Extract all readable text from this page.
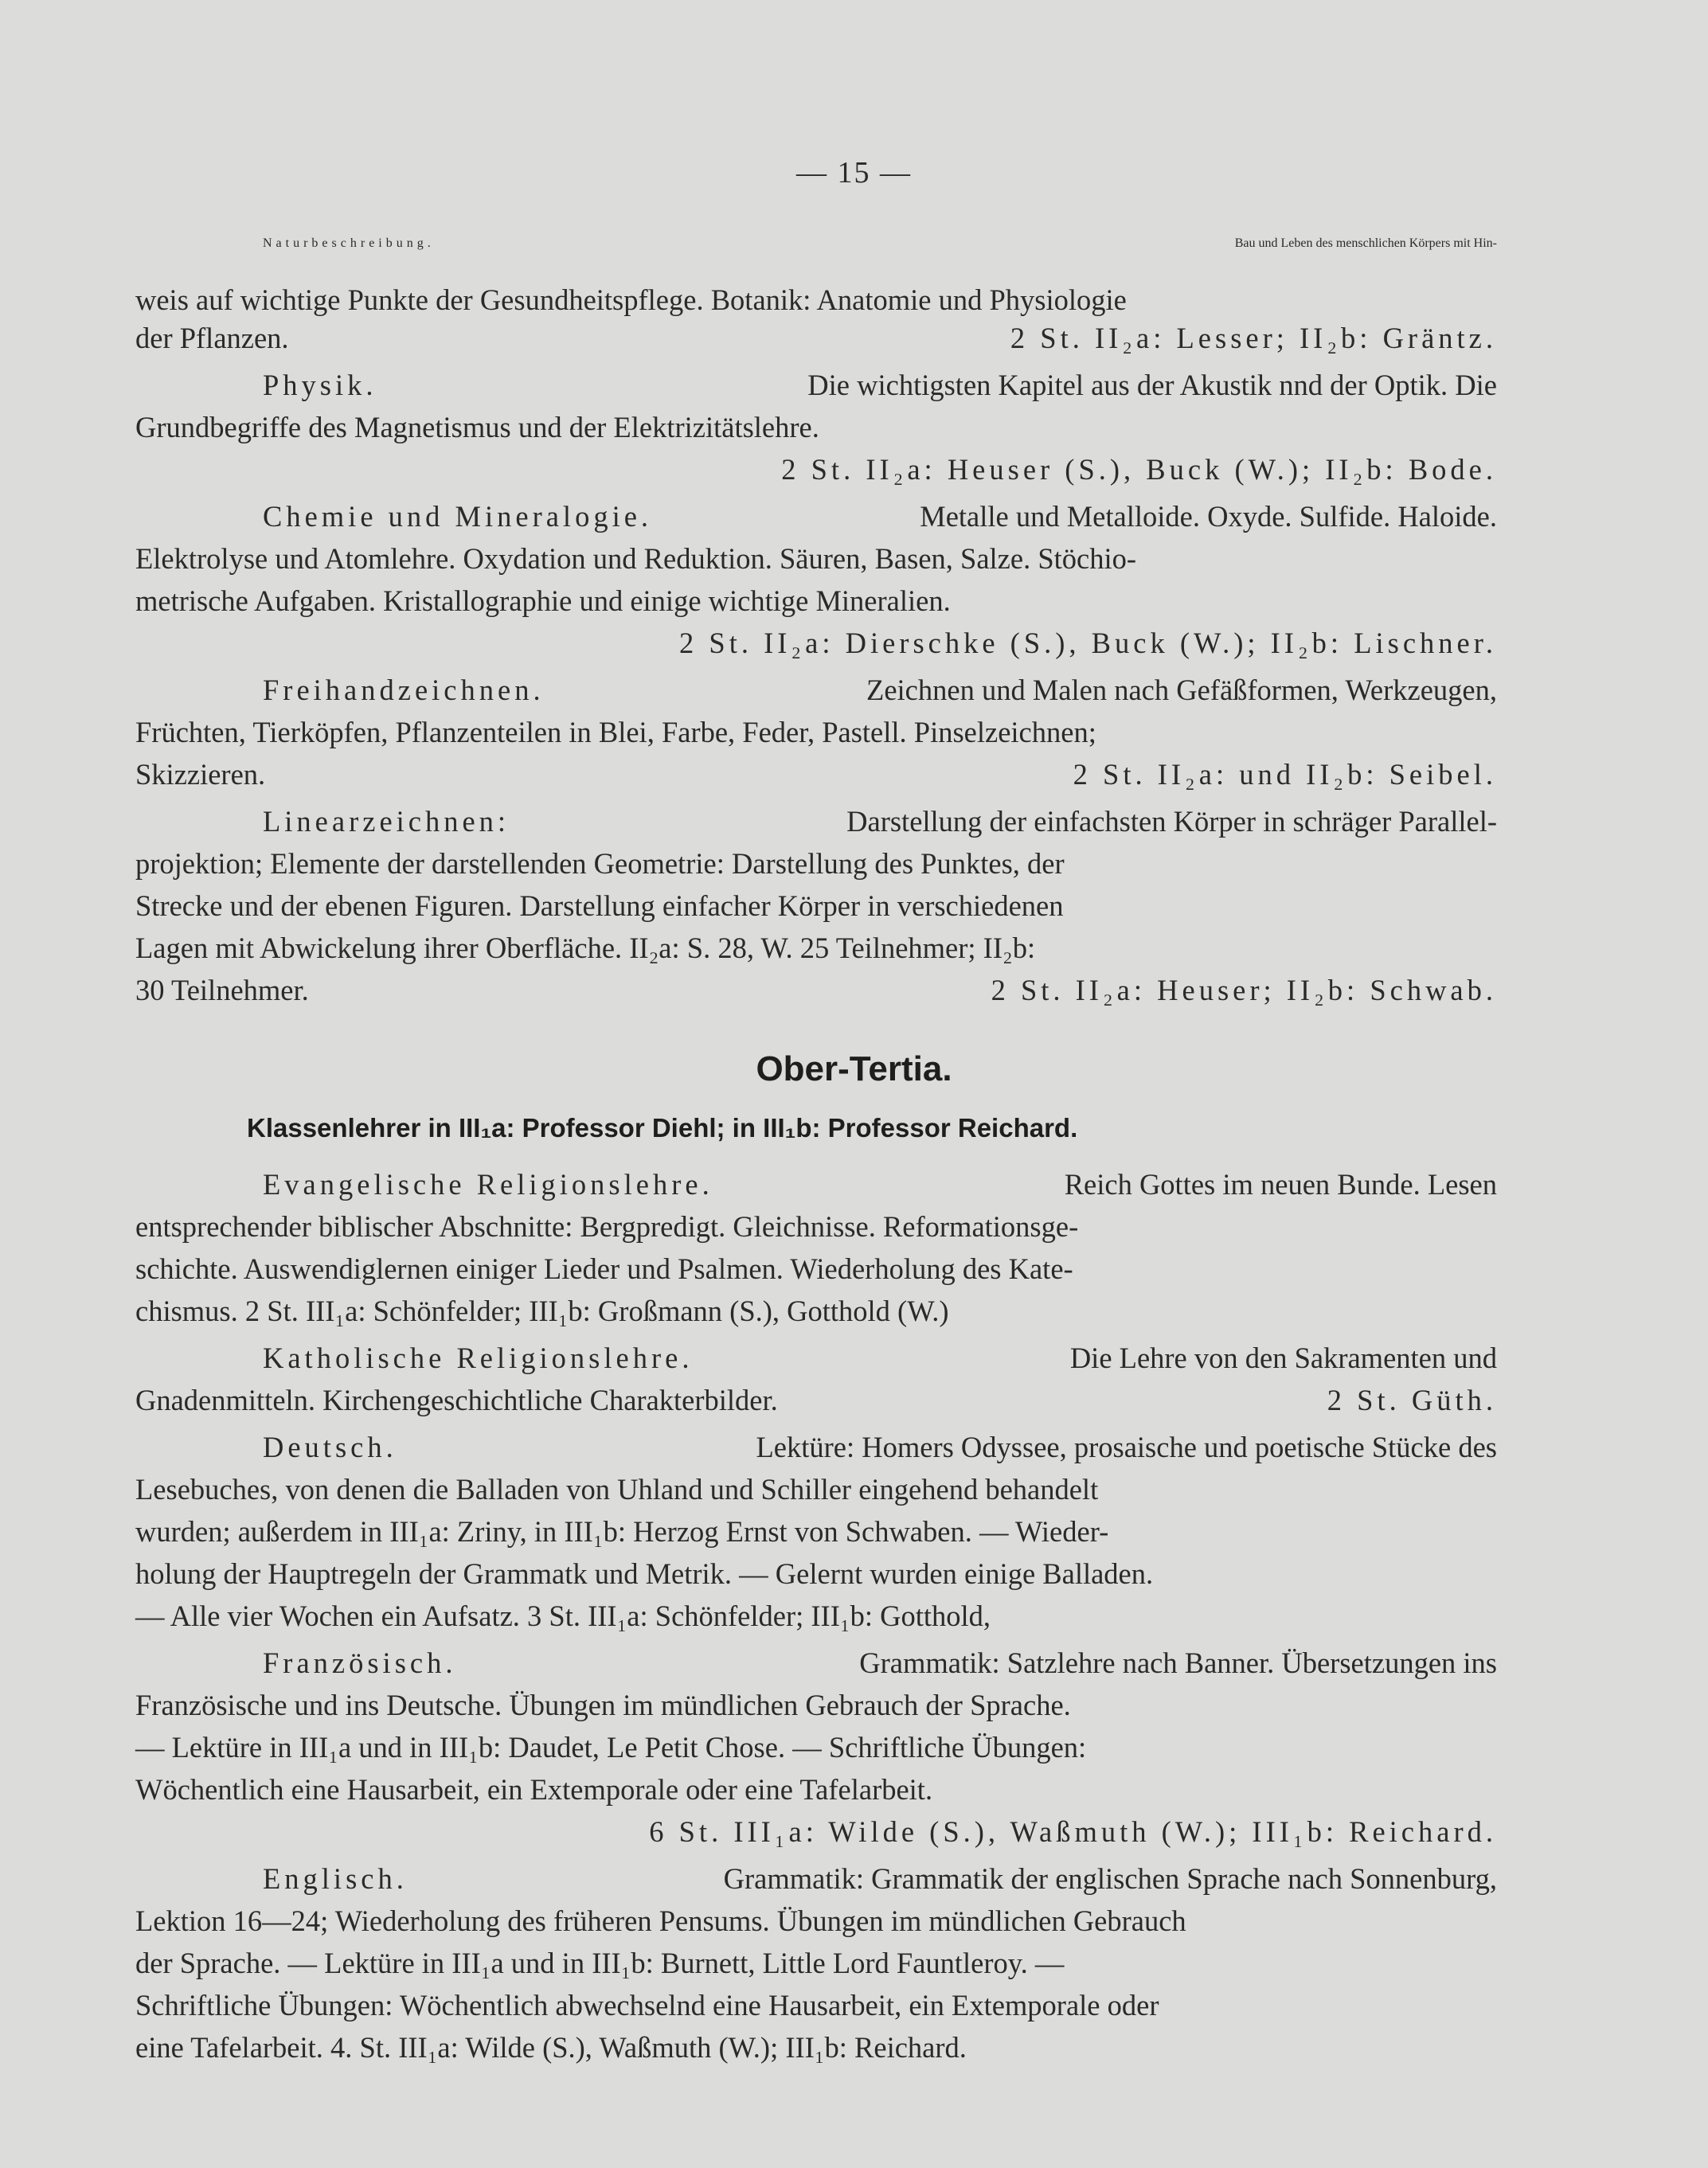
— 15 —
Naturbeschreibung.	Bau und Leben des menschlichen Körpers mit Hin-
weis auf wichtige Punkte der Gesundheitspflege. Botanik: Anatomie und Physiologie
der Pflanzen.	2 St. II₂a: Lesser; II₂b: Gräntz.
Physik.	Die wichtigsten Kapitel aus der Akustik nnd der Optik. Die
Grundbegriffe des Magnetismus und der Elektrizitätslehre.
2 St. II₂a: Heuser (S.), Buck (W.); II₂b: Bode.
Chemie und Mineralogie.	Metalle und Metalloide. Oxyde. Sulfide. Haloide.
Elektrolyse und Atomlehre. Oxydation und Reduktion. Säuren, Basen, Salze. Stöchio-
metrische Aufgaben. Kristallographie und einige wichtige Mineralien.
2 St. II₂a: Dierschke (S.), Buck (W.); II₂b: Lischner.
Freihandzeichnen.	Zeichnen und Malen nach Gefäßformen, Werkzeugen,
Früchten, Tierköpfen, Pflanzenteilen in Blei, Farbe, Feder, Pastell. Pinselzeichnen;
Skizzieren.	2 St. II₂a: und II₂b: Seibel.
Linearzeichnen:	Darstellung der einfachsten Körper in schräger Parallel-
projektion; Elemente der darstellenden Geometrie: Darstellung des Punktes, der
Strecke und der ebenen Figuren. Darstellung einfacher Körper in verschiedenen
Lagen mit Abwickelung ihrer Oberfläche. II₂a: S. 28, W. 25 Teilnehmer; II₂b:
30 Teilnehmer.	2 St. II₂a: Heuser; II₂b: Schwab.
Ober-Tertia.
Klassenlehrer in III₁a: Professor Diehl; in III₁b: Professor Reichard.
Evangelische Religionslehre.	Reich Gottes im neuen Bunde. Lesen
entsprechender biblischer Abschnitte: Bergpredigt. Gleichnisse. Reformationsge-
schichte. Auswendiglernen einiger Lieder und Psalmen. Wiederholung des Kate-
chismus. 2 St. III₁a: Schönfelder; III₁b: Großmann (S.), Gotthold (W.)
Katholische Religionslehre.	Die Lehre von den Sakramenten und
Gnadenmitteln. Kirchengeschichtliche Charakterbilder.	2 St. Güth.
Deutsch.	Lektüre: Homers Odyssee, prosaische und poetische Stücke des
Lesebuches, von denen die Balladen von Uhland und Schiller eingehend behandelt
wurden; außerdem in III₁a: Zriny, in III₁b: Herzog Ernst von Schwaben. — Wieder-
holung der Hauptregeln der Grammatk und Metrik. — Gelernt wurden einige Balladen.
— Alle vier Wochen ein Aufsatz. 3 St. III₁a: Schönfelder; III₁b: Gotthold,
Französisch.	Grammatik: Satzlehre nach Banner. Übersetzungen ins
Französische und ins Deutsche. Übungen im mündlichen Gebrauch der Sprache.
— Lektüre in III₁a und in III₁b: Daudet, Le Petit Chose. — Schriftliche Übungen:
Wöchentlich eine Hausarbeit, ein Extemporale oder eine Tafelarbeit.
6 St. III₁a: Wilde (S.), Waßmuth (W.); III₁b: Reichard.
Englisch.	Grammatik: Grammatik der englischen Sprache nach Sonnenburg,
Lektion 16—24; Wiederholung des früheren Pensums. Übungen im mündlichen Gebrauch
der Sprache. — Lektüre in III₁a und in III₁b: Burnett, Little Lord Fauntleroy. —
Schriftliche Übungen: Wöchentlich abwechselnd eine Hausarbeit, ein Extemporale oder
eine Tafelarbeit. 4. St. III₁a: Wilde (S.), Waßmuth (W.); III₁b: Reichard.
